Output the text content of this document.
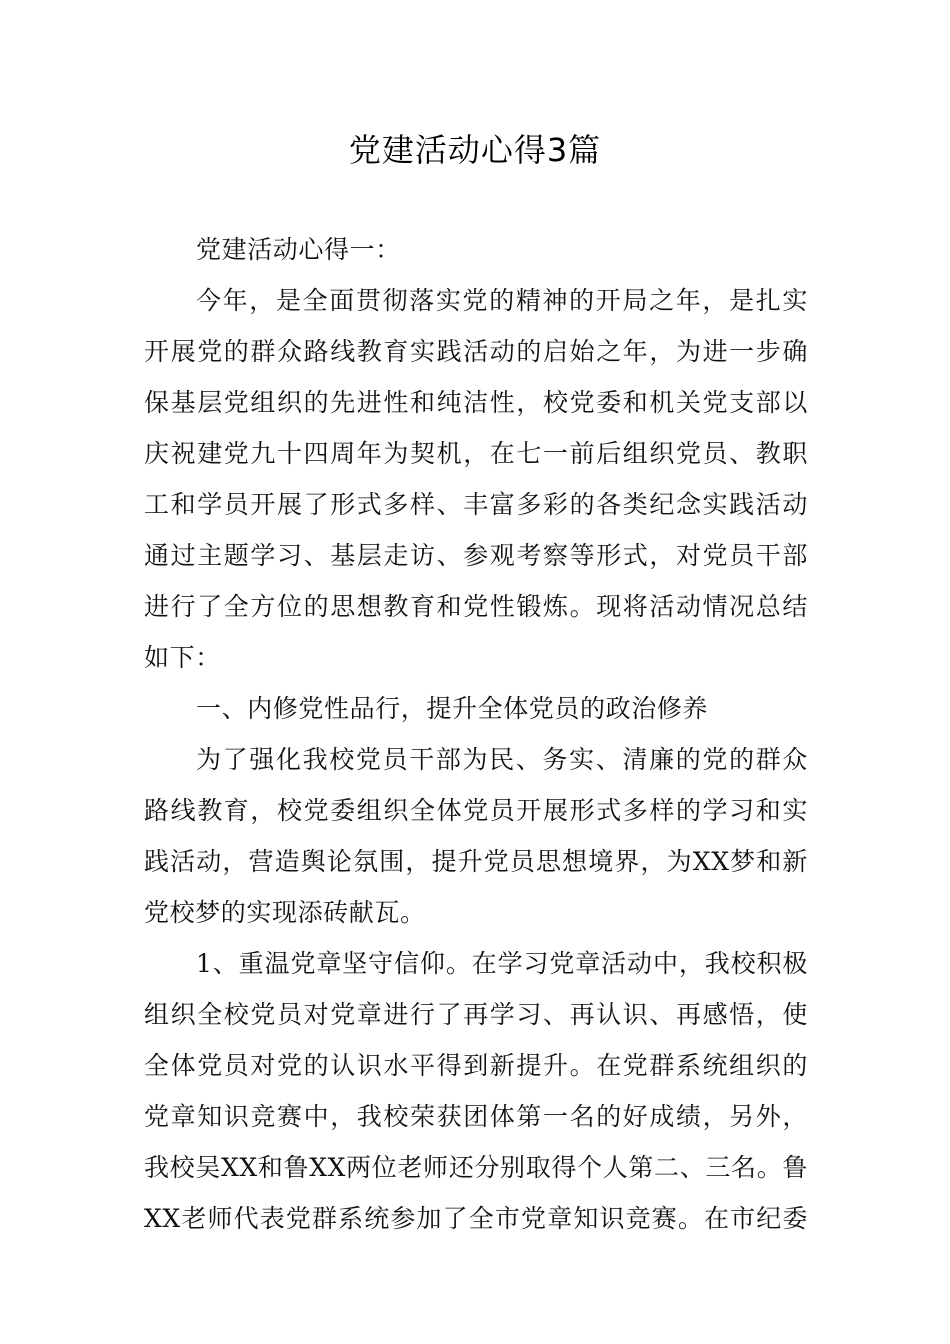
党建活动心得3篇
党建活动心得一：
今年，是全面贯彻落实党的精神的开局之年，是扎实
开展党的群众路线教育实践活动的启始之年，为进一步确
保基层党组织的先进性和纯洁性，校党委和机关党支部以
庆祝建党九十四周年为契机，在七一前后组织党员、教职
工和学员开展了形式多样、丰富多彩的各类纪念实践活动
通过主题学习、基层走访、参观考察等形式，对党员干部
进行了全方位的思想教育和党性锻炼。现将活动情况总结
如下：
一、内修党性品行，提升全体党员的政治修养
为了强化我校党员干部为民、务实、清廉的党的群众
路线教育，校党委组织全体党员开展形式多样的学习和实
践活动，营造舆论氛围，提升党员思想境界，为XX梦和新
党校梦的实现添砖献瓦。
1、重温党章坚守信仰。在学习党章活动中，我校积极
组织全校党员对党章进行了再学习、再认识、再感悟，使
全体党员对党的认识水平得到新提升。在党群系统组织的
党章知识竞赛中，我校荣获团体第一名的好成绩，另外，
我校吴XX和鲁XX两位老师还分别取得个人第二、三名。鲁
XX老师代表党群系统参加了全市党章知识竞赛。在市纪委
